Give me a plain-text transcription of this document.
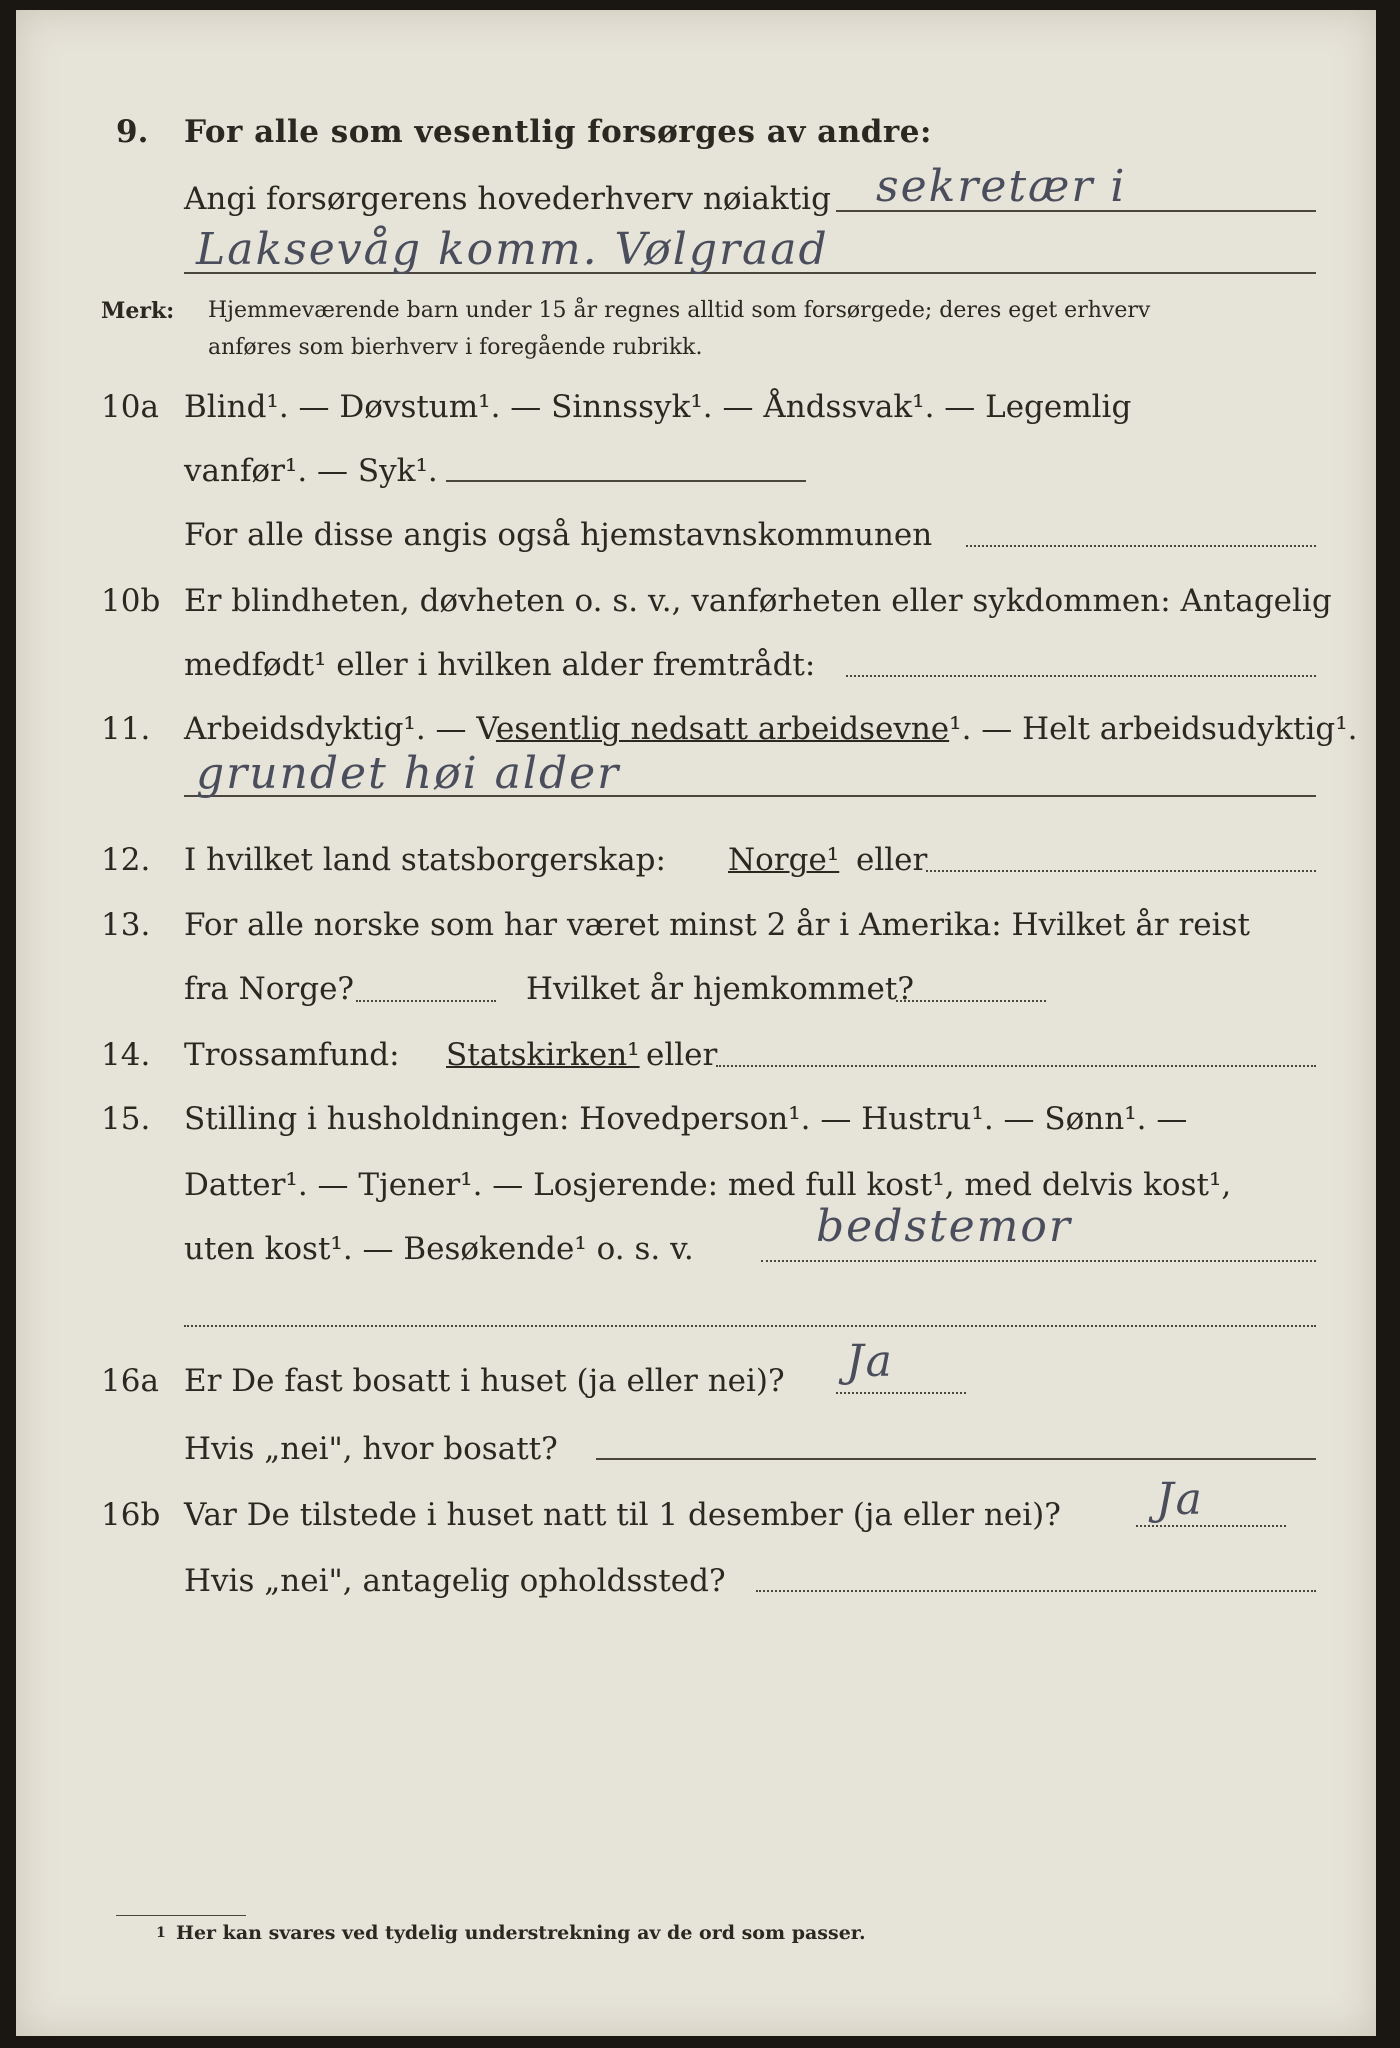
9. For alle som vesentlig forsørges av andre:
Angi forsørgerens hovederhverv nøiaktig sekretær i
Laksevåg komm. Vølgraad
Merk: Hjemmeværende barn under 15 år regnes alltid som forsørgede; deres eget erhverv
anføres som bierhverv i foregående rubrikk.
10a Blind¹. — Døvstum¹. — Sinnssyk¹. — Åndssvak¹. — Legemlig
vanfør¹. — Syk¹.
For alle disse angis også hjemstavnskommunen
10b Er blindheten, døvheten o. s. v., vanførheten eller sykdommen: Antagelig
medfødt¹ eller i hvilken alder fremtrådt:
11. Arbeidsdyktig¹. — Vesentlig nedsatt arbeidsevne¹. — Helt arbeidsudyktig¹.
grundet høi alder
12. I hvilket land statsborgerskap: Norge¹ eller
13. For alle norske som har været minst 2 år i Amerika: Hvilket år reist
fra Norge?	Hvilket år hjemkommet?
14. Trossamfund: Statskirken¹ eller
15. Stilling i husholdningen: Hovedperson¹. — Hustru¹. — Sønn¹. —
Datter¹. — Tjener¹. — Losjerende: med full kost¹, med delvis kost¹,
uten kost¹. — Besøkende¹ o. s. v.	bedstemor
16a Er De fast bosatt i huset (ja eller nei)? Ja
Hvis „nei", hvor bosatt?
16b Var De tilstede i huset natt til 1 desember (ja eller nei)? Ja
Hvis „nei", antagelig opholdssted?
1 Her kan svares ved tydelig understrekning av de ord som passer.
